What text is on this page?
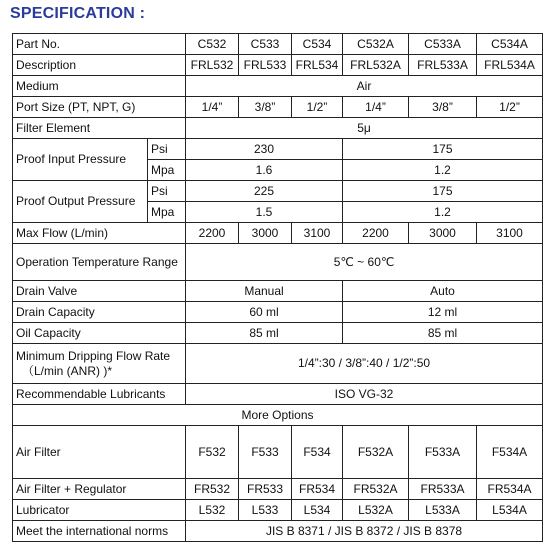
SPECIFICATION :
Part No.		C532	C533	C534	C532A	C533A	C534A
Description		FRL532	FRL533	FRL534	FRL532A	FRL533A	FRL534A
Medium		Air					
Port Size (PT, NPT, G)		1/4”	3/8”	1/2”	1/4”	3/8”	1/2”
Filter Element		5μ					
Proof Input Pressure	Psi	230			175		
	Mpa	1.6			1.2		
Proof Output Pressure	Psi	225			175		
	Mpa	1.5			1.2		
Max Flow (L/min)		2200	3000	3100	2200	3000	3100
Operation Temperature Range		5℃ ~ 60℃					
Drain Valve		Manual			Auto		
Drain Capacity		60 ml			12 ml		
Oil Capacity		85 ml			85 ml		

Minimum Dripping Flow Rate
（L/min (ANR) )*		1/4”:30 / 3/8”:40 / 1/2”:50					
Recommendable Lubricants		ISO VG-32					
More Options							
Air Filter		F532	F533	F534	F532A	F533A	F534A
Air Filter + Regulator		FR532	FR533	FR534	FR532A	FR533A	FR534A
Lubricator		L532	L533	L534	L532A	L533A	L534A
Meet the international norms		JIS B 8371 / JIS B 8372 / JIS B 8378					
